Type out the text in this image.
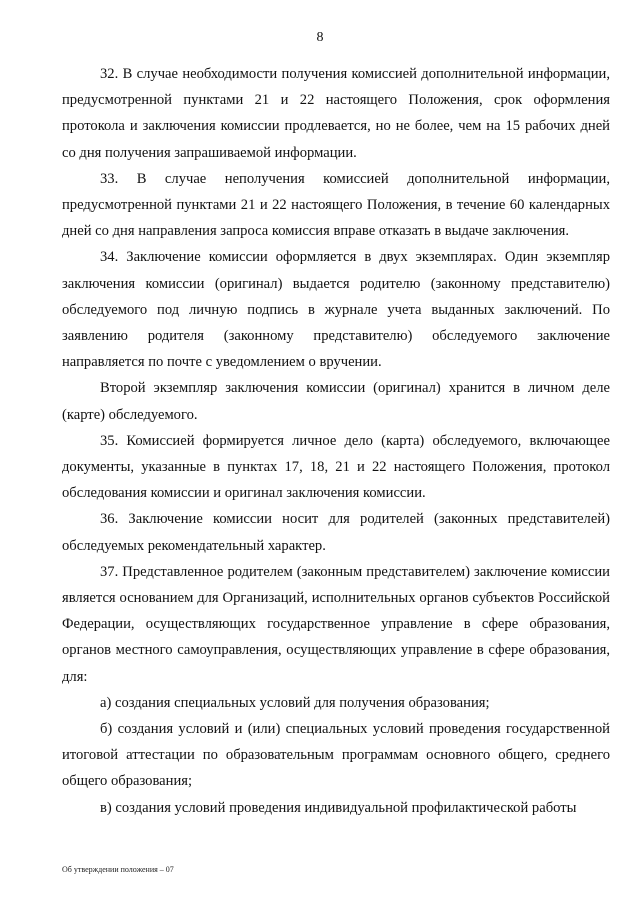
8

32. В случае необходимости получения комиссией дополнительной информации, предусмотренной пунктами 21 и 22 настоящего Положения, срок оформления протокола и заключения комиссии продлевается, но не более, чем на 15 рабочих дней со дня получения запрашиваемой информации.

33. В случае неполучения комиссией дополнительной информации, предусмотренной пунктами 21 и 22 настоящего Положения, в течение 60 календарных дней со дня направления запроса комиссия вправе отказать в выдаче заключения.

34. Заключение комиссии оформляется в двух экземплярах. Один экземпляр заключения комиссии (оригинал) выдается родителю (законному представителю) обследуемого под личную подпись в журнале учета выданных заключений. По заявлению родителя (законному представителю) обследуемого заключение направляется по почте с уведомлением о вручении.

Второй экземпляр заключения комиссии (оригинал) хранится в личном деле (карте) обследуемого.

35. Комиссией формируется личное дело (карта) обследуемого, включающее документы, указанные в пунктах 17, 18, 21 и 22 настоящего Положения, протокол обследования комиссии и оригинал заключения комиссии.

36. Заключение комиссии носит для родителей (законных представителей) обследуемых рекомендательный характер.

37. Представленное родителем (законным представителем) заключение комиссии является основанием для Организаций, исполнительных органов субъектов Российской Федерации, осуществляющих государственное управление в сфере образования, органов местного самоуправления, осуществляющих управление в сфере образования, для:

а) создания специальных условий для получения образования;

б) создания условий и (или) специальных условий проведения государственной итоговой аттестации по образовательным программам основного общего, среднего общего образования;

в) создания условий проведения индивидуальной профилактической работы

Об утверждении положения – 07
